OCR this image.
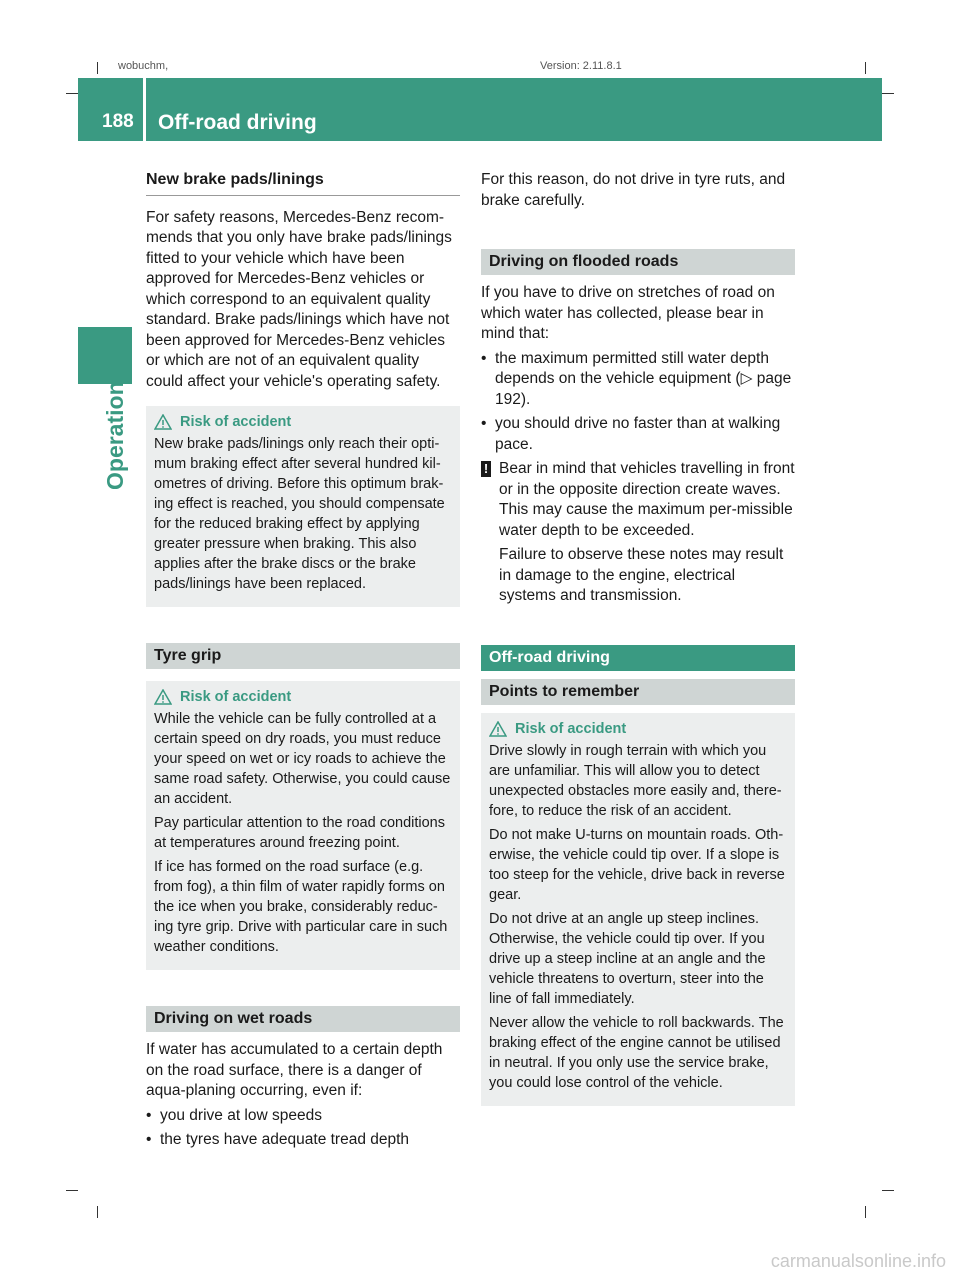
wobuchm,	Version: 2.11.8.1
188 Off-road driving
Operation
New brake pads/linings

For safety reasons, Mercedes-Benz recom-mends that you only have brake pads/linings fitted to your vehicle which have been approved for Mercedes-Benz vehicles or which correspond to an equivalent quality standard. Brake pads/linings which have not been approved for Mercedes-Benz vehicles or which are not of an equivalent quality could affect your vehicle's operating safety.

Risk of accident

New brake pads/linings only reach their opti-mum braking effect after several hundred kil-ometres of driving. Before this optimum brak-ing effect is reached, you should compensate for the reduced braking effect by applying greater pressure when braking. This also applies after the brake discs or the brake pads/linings have been replaced.

Tyre grip
Risk of accident

While the vehicle can be fully controlled at a certain speed on dry roads, you must reduce your speed on wet or icy roads to achieve the same road safety. Otherwise, you could cause an accident.

Pay particular attention to the road conditions at temperatures around freezing point.

If ice has formed on the road surface (e.g. from fog), a thin film of water rapidly forms on the ice when you brake, considerably reduc-ing tyre grip. Drive with particular care in such weather conditions.

Driving on wet roads

If water has accumulated to a certain depth on the road surface, there is a danger of aqua-planing occurring, even if:

• you drive at low speeds
• the tyres have adequate tread depth

For this reason, do not drive in tyre ruts, and brake carefully.

Driving on flooded roads

If you have to drive on stretches of road on which water has collected, please bear in mind that:

• the maximum permitted still water depth depends on the vehicle equipment (▷ page 192).
• you should drive no faster than at walking pace.
! Bear in mind that vehicles travelling in front or in the opposite direction create waves. This may cause the maximum per-missible water depth to be exceeded.

Failure to observe these notes may result in damage to the engine, electrical systems and transmission.

Off-road driving
Points to remember
Risk of accident

Drive slowly in rough terrain with which you are unfamiliar. This will allow you to detect unexpected obstacles more easily and, there-fore, to reduce the risk of an accident.

Do not make U-turns on mountain roads. Oth-erwise, the vehicle could tip over. If a slope is too steep for the vehicle, drive back in reverse gear.

Do not drive at an angle up steep inclines. Otherwise, the vehicle could tip over. If you drive up a steep incline at an angle and the vehicle threatens to overturn, steer into the line of fall immediately.

Never allow the vehicle to roll backwards. The braking effect of the engine cannot be utilised in neutral. If you only use the service brake, you could lose control of the vehicle.

carmanualsonline.info
